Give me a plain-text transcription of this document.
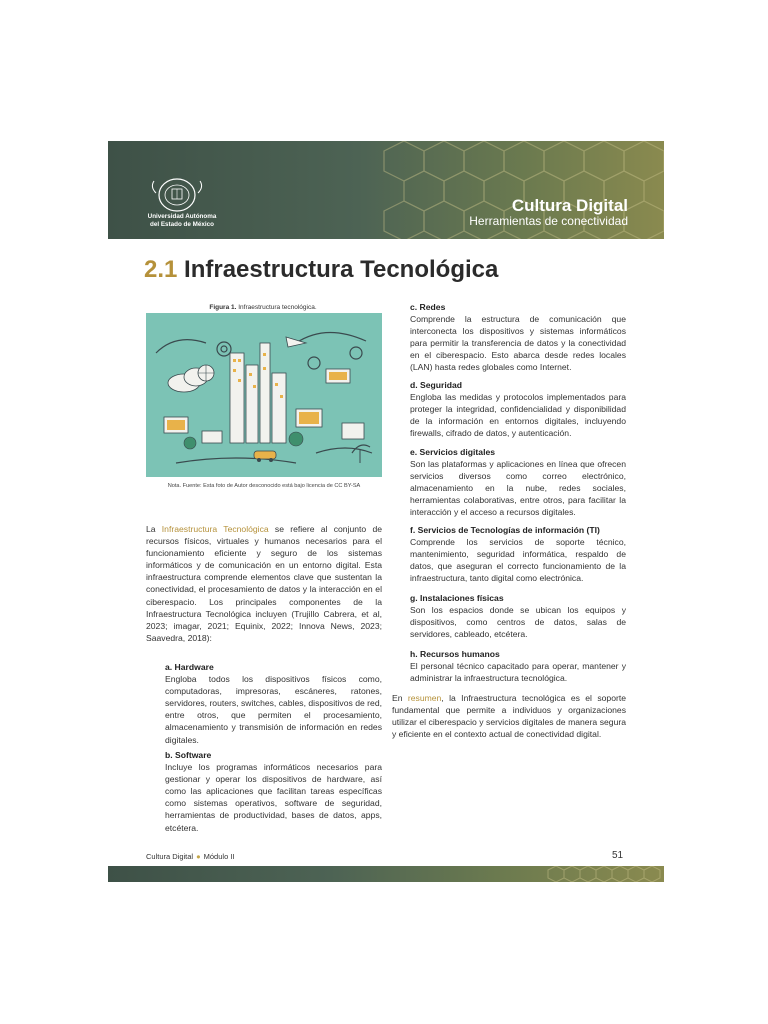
Universidad Autónoma
del Estado de México
Cultura Digital
Herramientas de conectividad
2.1 Infraestructura Tecnológica
Figura 1. Infraestructura tecnológica.
Nota. Fuente: Esta foto de Autor desconocido está bajo licencia de CC BY-SA
La Infraestructura Tecnológica se refiere al conjunto de recursos físicos, virtuales y humanos necesarios para el funcionamiento eficiente y seguro de los sistemas informáticos y de comunicación en un entorno digital. Esta infraestructura comprende elementos clave que sustentan la conectividad, el procesamiento de datos y la interacción en el ciberespacio. Los principales componentes de la Infraestructura Tecnológica incluyen (Trujillo Cabrera, et al, 2023; imagar, 2021; Equinix, 2022; Innova News, 2023; Saavedra, 2018):
a. Hardware

Engloba todos los dispositivos físicos como, computadoras, impresoras, escáneres, ratones, servidores, routers, switches, cables, dispositivos de red, entre otros, que permiten el procesamiento, almacenamiento y transmisión de información en redes digitales.

b. Software

Incluye los programas informáticos necesarios para gestionar y operar los dispositivos de hardware, así como las aplicaciones que facilitan tareas específicas como sistemas operativos, software de seguridad, herramientas de productividad, bases de datos, apps, etcétera.

c. Redes

Comprende la estructura de comunicación que interconecta los dispositivos y sistemas informáticos para permitir la transferencia de datos y la conectividad en el ciberespacio. Esto abarca desde redes locales (LAN) hasta redes globales como Internet.

d. Seguridad

Engloba las medidas y protocolos implementados para proteger la integridad, confidencialidad y disponibilidad de la información en entornos digitales, incluyendo firewalls, cifrado de datos, y autenticación.

e. Servicios digitales

Son las plataformas y aplicaciones en línea que ofrecen servicios diversos como correo electrónico, almacenamiento en la nube, redes sociales, herramientas colaborativas, entre otros, para facilitar la interacción y el acceso a recursos digitales.

f. Servicios de Tecnologías de información (TI)

Comprende los servicios de soporte técnico, mantenimiento, seguridad informática, respaldo de datos, que aseguran el correcto funcionamiento de la infraestructura, tanto digital como electrónica.

g. Instalaciones físicas

Son los espacios donde se ubican los equipos y dispositivos, como centros de datos, salas de servidores, cableado, etcétera.

h. Recursos humanos

El personal técnico capacitado para operar, mantener y administrar la infraestructura tecnológica.

En resumen, la Infraestructura tecnológica es el soporte fundamental que permite a individuos y organizaciones utilizar el ciberespacio y servicios digitales de manera segura y eficiente en el contexto actual de conectividad digital.
Cultura Digital ● Módulo II	51
